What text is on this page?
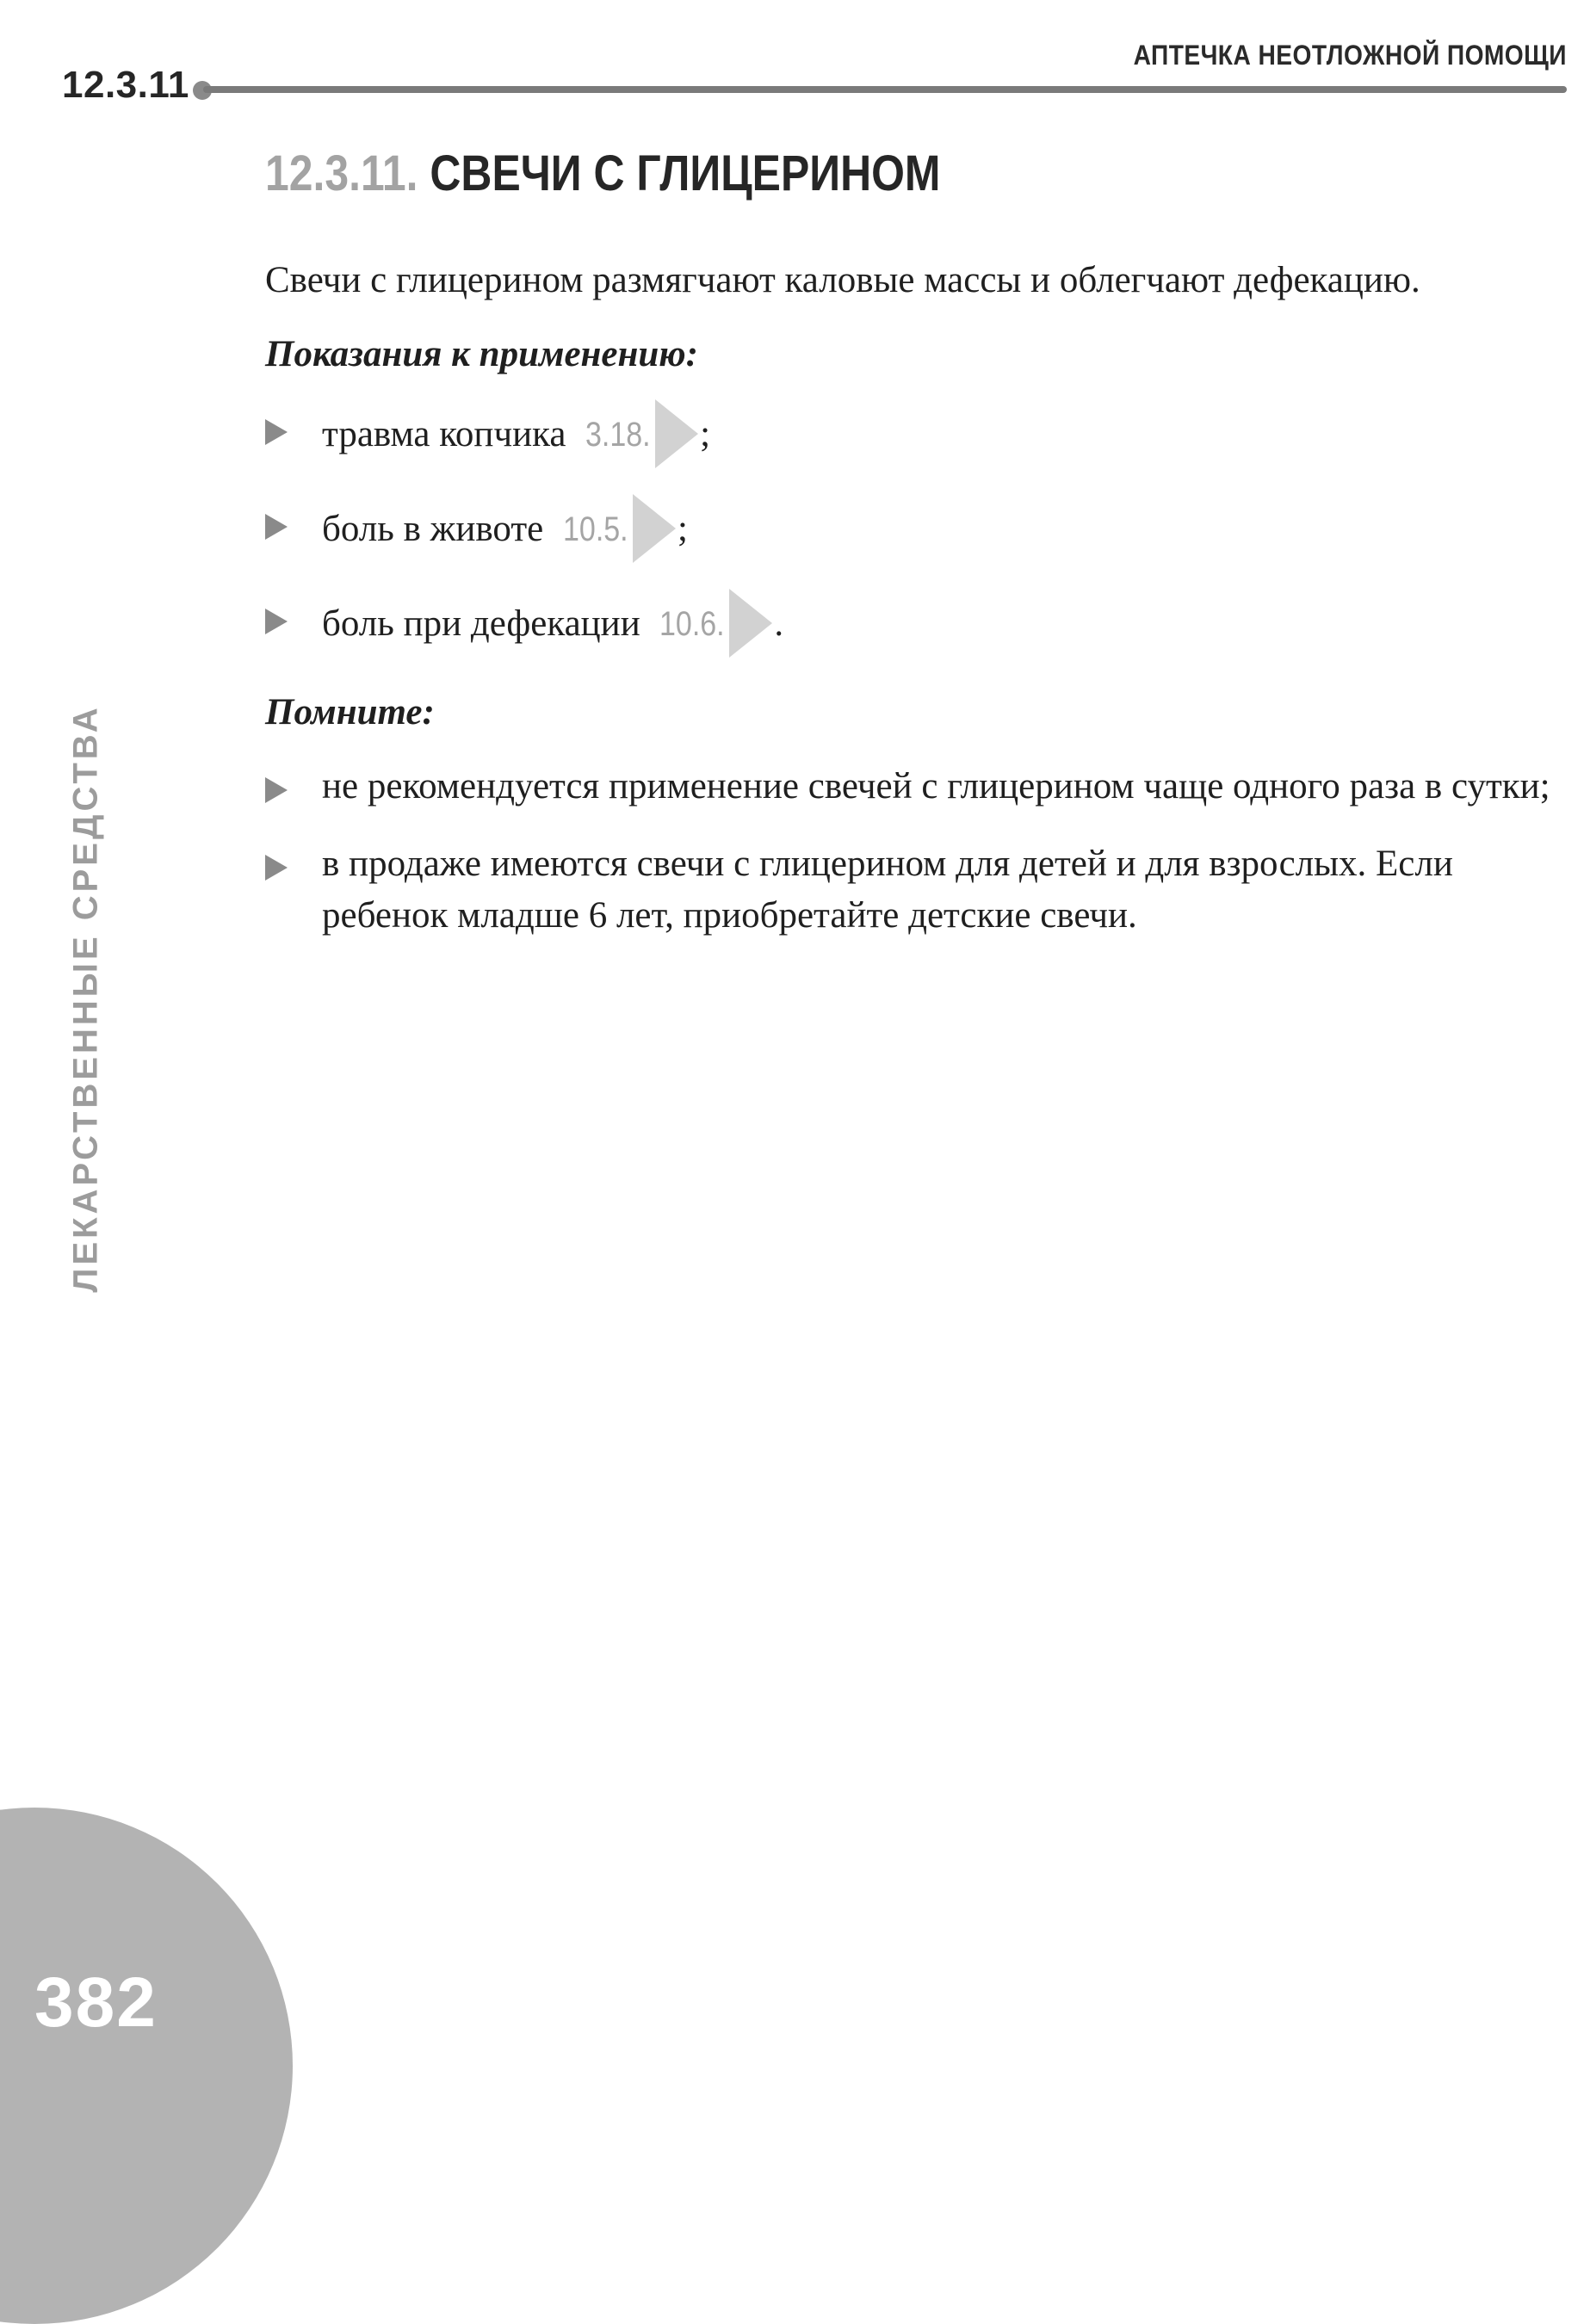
12.3.11
АПТЕЧКА НЕОТЛОЖНОЙ ПОМОЩИ
ЛЕКАРСТВЕННЫЕ СРЕДСТВА
382
12.3.11. СВЕЧИ С ГЛИЦЕРИНОМ

Свечи с глицерином размягчают каловые массы и облегчают дефекацию.

Показания к применению:
травма копчика 3.18. ;
боль в животе 10.5. ;
боль при дефекации 10.6. .
Помните:
не рекомендуется применение свечей с глицерином чаще одного раза в сутки;
в продаже имеются свечи с глицерином для детей и для взрослых. Если ребенок младше 6 лет, приобретайте детские свечи.
